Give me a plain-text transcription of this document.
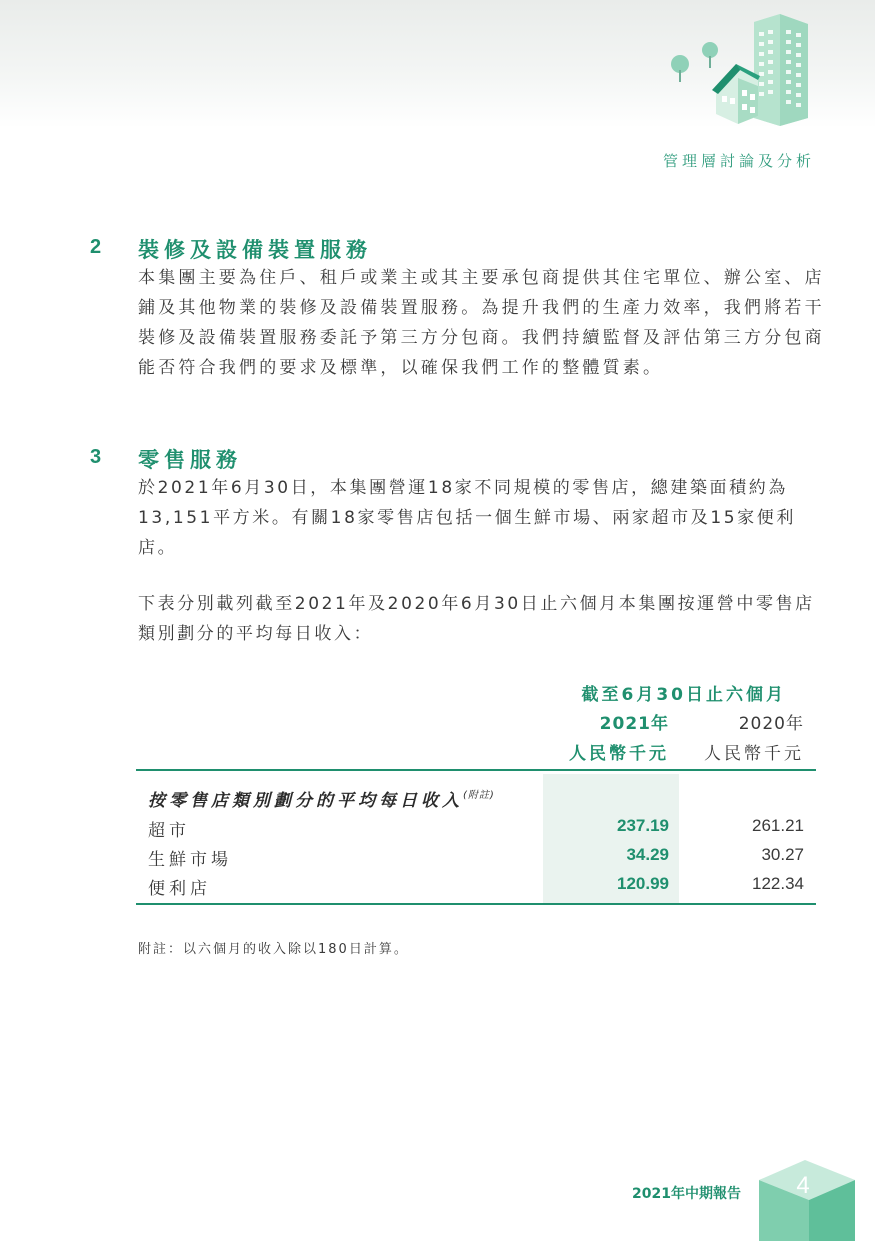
管理層討論及分析
2 裝修及設備裝置服務

本集團主要為住戶、租戶或業主或其主要承包商提供其住宅單位、辦公室、店鋪及其他物業的裝修及設備裝置服務。為提升我們的生產力效率，我們將若干裝修及設備裝置服務委託予第三方分包商。我們持續監督及評估第三方分包商能否符合我們的要求及標準，以確保我們工作的整體質素。

3 零售服務

於2021年6月30日，本集團營運18家不同規模的零售店，總建築面積約為13,151平方米。有關18家零售店包括一個生鮮市場、兩家超市及15家便利店。

下表分別載列截至2021年及2020年6月30日止六個月本集團按運營中零售店類別劃分的平均每日收入：

截至6月30日止六個月
2021年	2020年
人民幣千元 人民幣千元
按零售店類別劃分的平均每日收入$^{(附註)}$
超市	237.19	261.21
生鮮市場	34.29	30.27
便利店	120.99	122.34
附註：以六個月的收入除以180日計算。
2021年中期報告	4
